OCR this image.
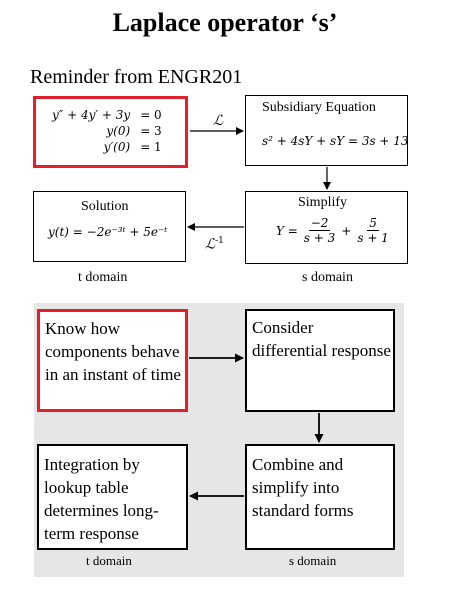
Laplace operator ‘s’
Reminder from ENGR201
y″ + 4y′ + 3y = 0
y(0) = 3
y′(0) = 1
Subsidiary Equation
s² + 4sY + sY = 3s + 13
Simplify
$Y = \frac{-2}{s + 3} + \frac{5}{s + 1}$
Solution
y(t) = −2e⁻³ᵗ + 5e⁻ᵗ
ℒ
ℒ$^{-1}$
t domain	s domain
Know how components behave in an instant of time
Consider differential response
Combine and simplify into standard forms
Integration by lookup table determines long-term response
t domain	s domain
